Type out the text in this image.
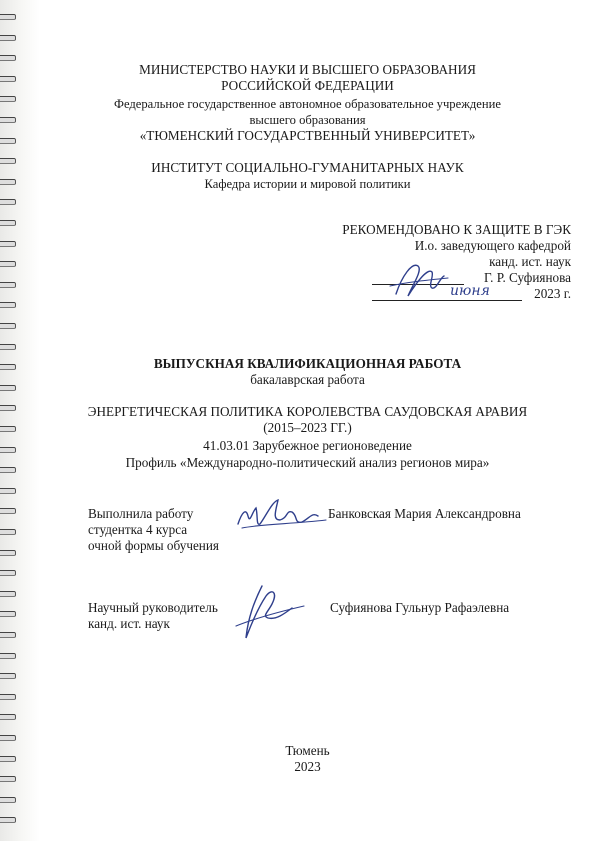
МИНИСТЕРСТВО НАУКИ И ВЫСШЕГО ОБРАЗОВАНИЯ
РОССИЙСКОЙ ФЕДЕРАЦИИ
Федеральное государственное автономное образовательное учреждение
высшего образования
«ТЮМЕНСКИЙ ГОСУДАРСТВЕННЫЙ УНИВЕРСИТЕТ»
ИНСТИТУТ СОЦИАЛЬНО-ГУМАНИТАРНЫХ НАУК
Кафедра истории и мировой политики
РЕКОМЕНДОВАНО К ЗАЩИТЕ В ГЭК
И.о. заведующего кафедрой
канд. ист. наук
Г. Р. Суфиянова
2023 г.
июня
ВЫПУСКНАЯ КВАЛИФИКАЦИОННАЯ РАБОТА
бакалаврская работа
ЭНЕРГЕТИЧЕСКАЯ ПОЛИТИКА КОРОЛЕВСТВА САУДОВСКАЯ АРАВИЯ
(2015–2023 ГГ.)
41.03.01 Зарубежное регионоведение
Профиль «Международно-политический анализ регионов мира»
Выполнила работу
студентка 4 курса
очной формы обучения
Банковская Мария Александровна
Научный руководитель
канд. ист. наук
Суфиянова Гульнур Рафаэлевна
Тюмень
2023
